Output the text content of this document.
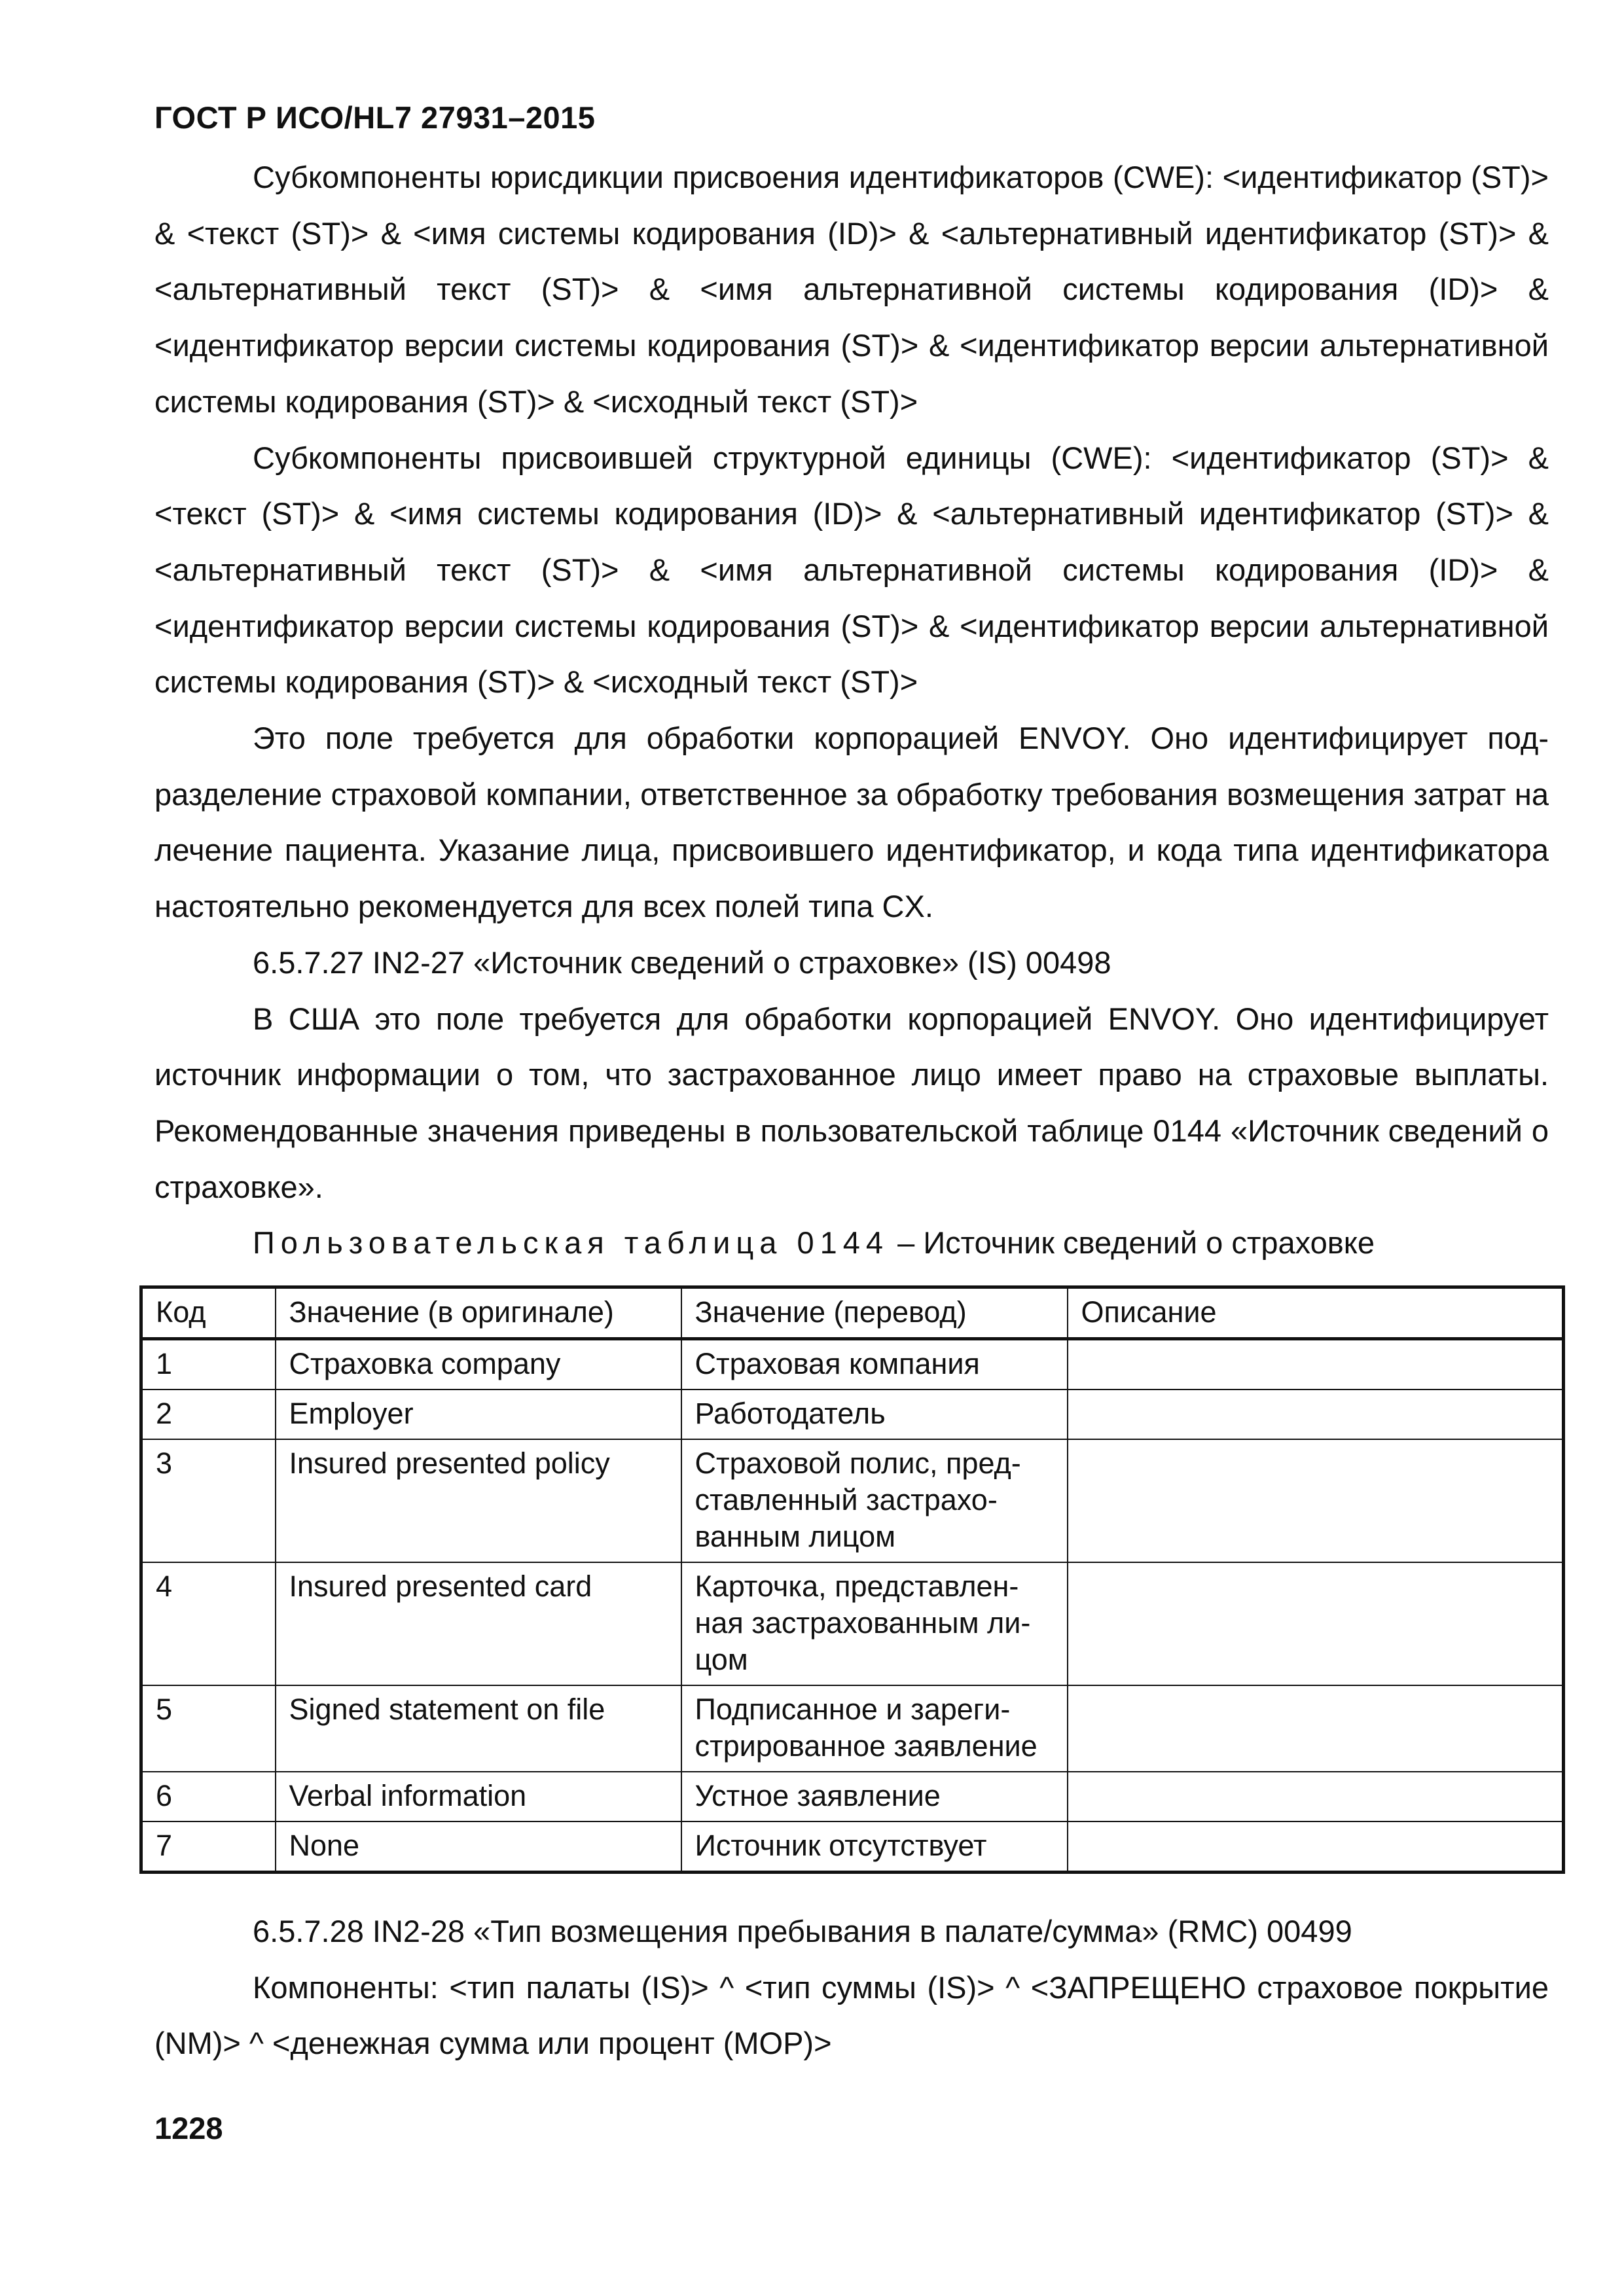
ГОСТ Р ИСО/HL7 27931–2015

Субкомпоненты юрисдикции присвоения идентификаторов (CWE): <идентификатор (ST)> & <текст (ST)> & <имя системы кодирования (ID)> & <альтернативный идентификатор (ST)> & <альтернативный текст (ST)> & <имя альтернативной системы кодирования (ID)> & <идентификатор версии системы кодирования (ST)> & <идентификатор версии альтернативной системы кодирования (ST)> & <исходный текст (ST)>

Субкомпоненты присвоившей структурной единицы (CWE): <идентификатор (ST)> & <текст (ST)> & <имя системы кодирования (ID)> & <альтернативный идентификатор (ST)> & <альтернативный текст (ST)> & <имя альтернативной системы кодирования (ID)> & <идентификатор версии системы кодирования (ST)> & <идентификатор версии альтернативной системы кодирования (ST)> & <исходный текст (ST)>

Это поле требуется для обработки корпорацией ENVOY. Оно идентифицирует подразделение страховой компании, ответственное за обработку требования возмещения затрат на лечение пациента. Указание лица, присвоившего идентификатор, и кода типа идентификатора настоятельно рекомендуется для всех полей типа CX.

6.5.7.27 IN2-27 «Источник сведений о страховке» (IS) 00498

В США это поле требуется для обработки корпорацией ENVOY. Оно идентифицирует источник информации о том, что застрахованное лицо имеет право на страховые выплаты. Рекомендованные значения приведены в пользовательской таблице 0144 «Источник сведений о страховке».

Пользовательская таблица 0144 – Источник сведений о страховке

Код	Значение (в оригинале)	Значение (перевод)	Описание
1	Страховка company	Страховая компания	
2	Employer	Работодатель	
3	Insured presented policy	Страховой полис, представленный застрахованным лицом	
4	Insured presented card	Карточка, представленная застрахованным лицом	
5	Signed statement on file	Подписанное и зарегистрированное заявление	
6	Verbal information	Устное заявление	
7	None	Источник отсутствует	

6.5.7.28 IN2-28 «Тип возмещения пребывания в палате/сумма» (RMC) 00499

Компоненты: <тип палаты (IS)> ^ <тип суммы (IS)> ^ <ЗАПРЕЩЕНО страховое покрытие (NM)> ^ <денежная сумма или процент (MOP)>

1228
